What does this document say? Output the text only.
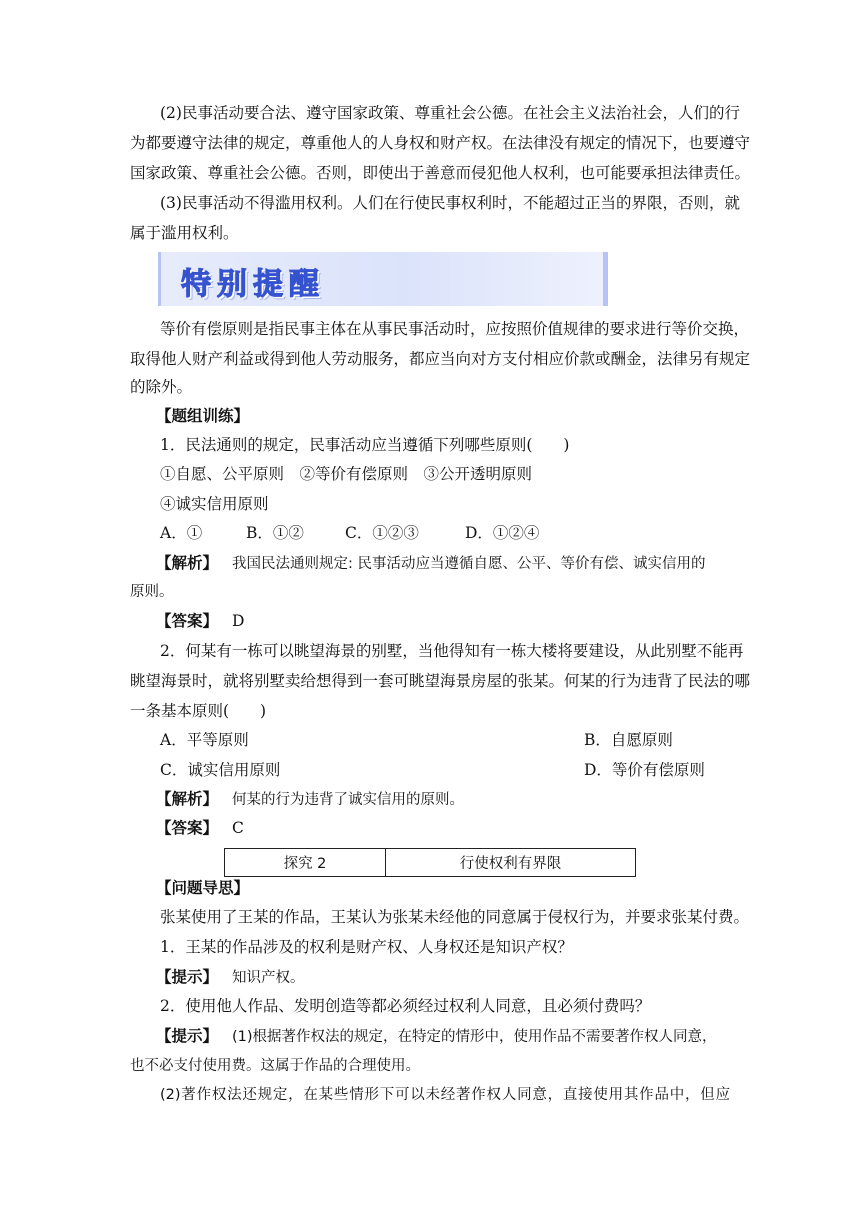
(2)民事活动要合法、遵守国家政策、尊重社会公德。在社会主义法治社会，人们的行
为都要遵守法律的规定，尊重他人的人身权和财产权。在法律没有规定的情况下，也要遵守
国家政策、尊重社会公德。否则，即使出于善意而侵犯他人权利，也可能要承担法律责任。
(3)民事活动不得滥用权利。人们在行使民事权利时，不能超过正当的界限，否则，就
属于滥用权利。
特别提醒
等价有偿原则是指民事主体在从事民事活动时，应按照价值规律的要求进行等价交换，
取得他人财产利益或得到他人劳动服务，都应当向对方支付相应价款或酬金，法律另有规定
的除外。
【题组训练】
1．民法通则的规定，民事活动应当遵循下列哪些原则(　　)
①自愿、公平原则　②等价有偿原则　③公开透明原则
④诚实信用原则
A．①	B．①②	C．①②③	D．①②④
【解析】 我国民法通则规定: 民事活动应当遵循自愿、公平、等价有偿、诚实信用的
原则。
【答案】 D
2．何某有一栋可以眺望海景的别墅，当他得知有一栋大楼将要建设，从此别墅不能再
眺望海景时，就将别墅卖给想得到一套可眺望海景房屋的张某。何某的行为违背了民法的哪
一条基本原则(　　)
A．平等原则	B．自愿原则
C．诚实信用原则	D．等价有偿原则
【解析】 何某的行为违背了诚实信用的原则。
【答案】 C
探究 2	行使权利有界限
【问题导思】
张某使用了王某的作品，王某认为张某未经他的同意属于侵权行为，并要求张某付费。
1．王某的作品涉及的权利是财产权、人身权还是知识产权？
【提示】 知识产权。
2．使用他人作品、发明创造等都必须经过权利人同意，且必须付费吗？
【提示】 (1)根据著作权法的规定，在特定的情形中，使用作品不需要著作权人同意，
也不必支付使用费。这属于作品的合理使用。
(2)著作权法还规定，在某些情形下可以未经著作权人同意，直接使用其作品中，但应
